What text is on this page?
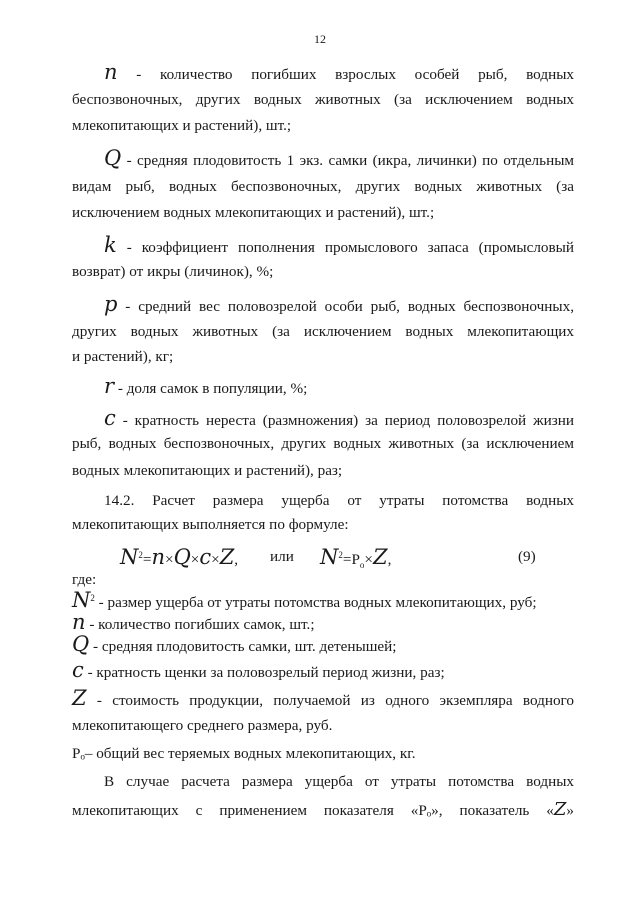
12
n - количество погибших взрослых особей рыб, водных
беспозвоночных, других водных животных (за исключением водных
млекопитающих и растений), шт.;
Q - средняя плодовитость 1 экз. самки (икра, личинки) по отдельным
видам рыб, водных беспозвоночных, других водных животных (за
исключением водных млекопитающих и растений), шт.;
k - коэффициент пополнения промыслового запаса (промысловый
возврат) от икры (личинок), %;
p - средний вес половозрелой особи рыб, водных беспозвоночных,
других водных животных (за исключением водных млекопитающих
и растений), кг;
r - доля самок в популяции, %;
c - кратность нереста (размножения) за период половозрелой жизни
рыб, водных беспозвоночных, других водных животных (за исключением
водных млекопитающих и растений), раз;
14.2. Расчет размера ущерба от утраты потомства водных
млекопитающих выполняется по формуле:
$N^2=n\times Q\times c\times Z$, или $N^2=P_о\times Z$,	(9)
где:
$N^2$ - размер ущерба от утраты потомства водных млекопитающих, руб;
n - количество погибших самок, шт.;
Q - средняя плодовитость самки, шт. детенышей;
c - кратность щенки за половозрелый период жизни, раз;
Z - стоимость продукции, получаемой из одного экземпляра водного
млекопитающего среднего размера, руб.
Pₒ– общий вес теряемых водных млекопитающих, кг.
В случае расчета размера ущерба от утраты потомства водных
млекопитающих с применением показателя «Pₒ», показатель «Z»
